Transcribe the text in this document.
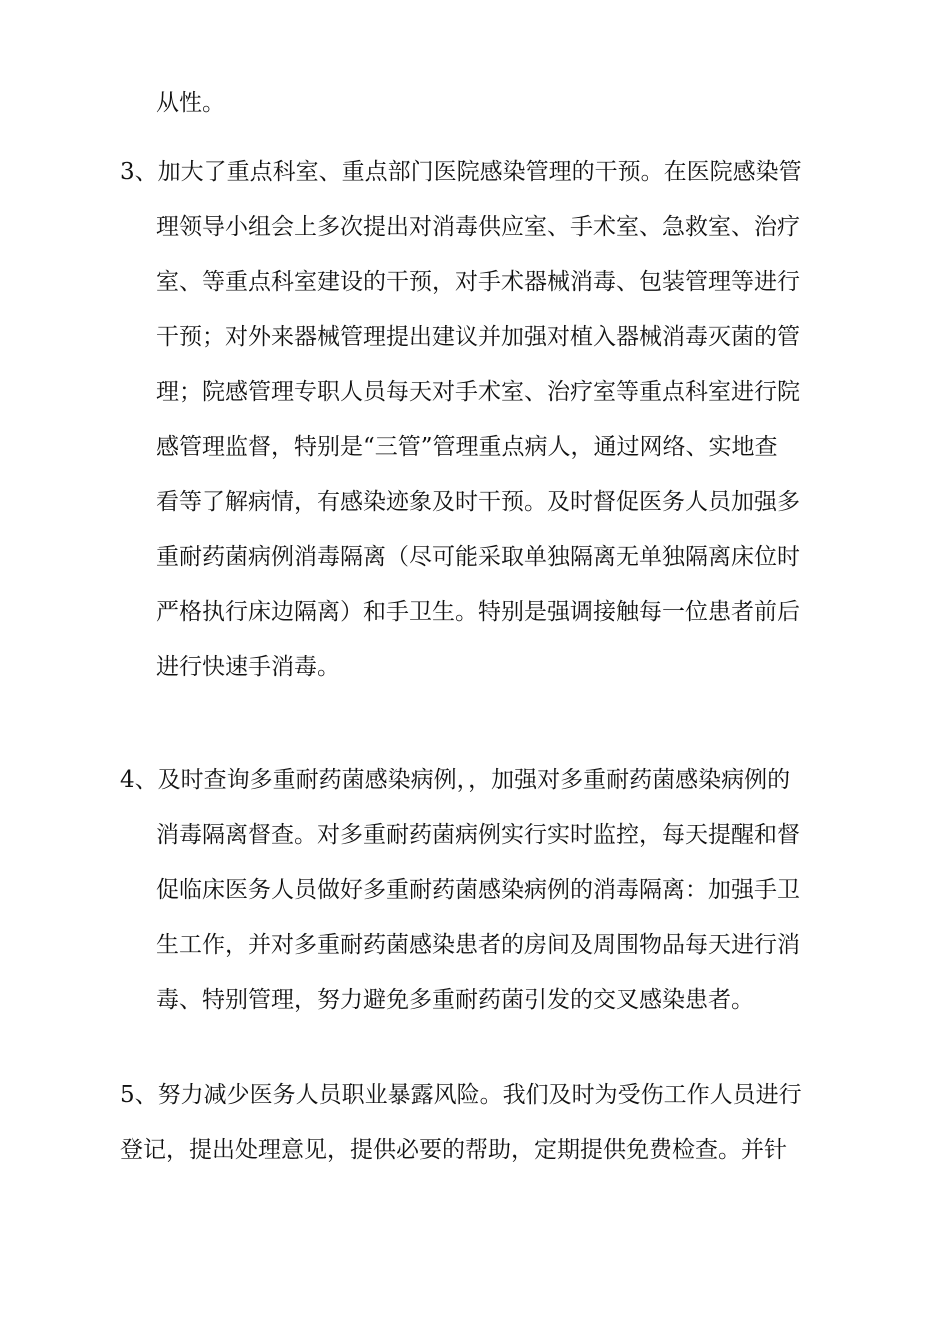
从性。
3、加大了重点科室、重点部门医院感染管理的干预。在医院感染管
理领导小组会上多次提出对消毒供应室、手术室、急救室、治疗
室、等重点科室建设的干预，对手术器械消毒、包装管理等进行
干预；对外来器械管理提出建议并加强对植入器械消毒灭菌的管
理；院感管理专职人员每天对手术室、治疗室等重点科室进行院
感管理监督，特别是“三管”管理重点病人，通过网络、实地查
看等了解病情，有感染迹象及时干预。及时督促医务人员加强多
重耐药菌病例消毒隔离（尽可能采取单独隔离无单独隔离床位时
严格执行床边隔离）和手卫生。特别是强调接触每一位患者前后
进行快速手消毒。
4、及时查询多重耐药菌感染病例，，加强对多重耐药菌感染病例的
消毒隔离督查。对多重耐药菌病例实行实时监控，每天提醒和督
促临床医务人员做好多重耐药菌感染病例的消毒隔离：加强手卫
生工作，并对多重耐药菌感染患者的房间及周围物品每天进行消
毒、特别管理，努力避免多重耐药菌引发的交叉感染患者。
5、努力减少医务人员职业暴露风险。我们及时为受伤工作人员进行
登记，提出处理意见，提供必要的帮助，定期提供免费检查。并针
